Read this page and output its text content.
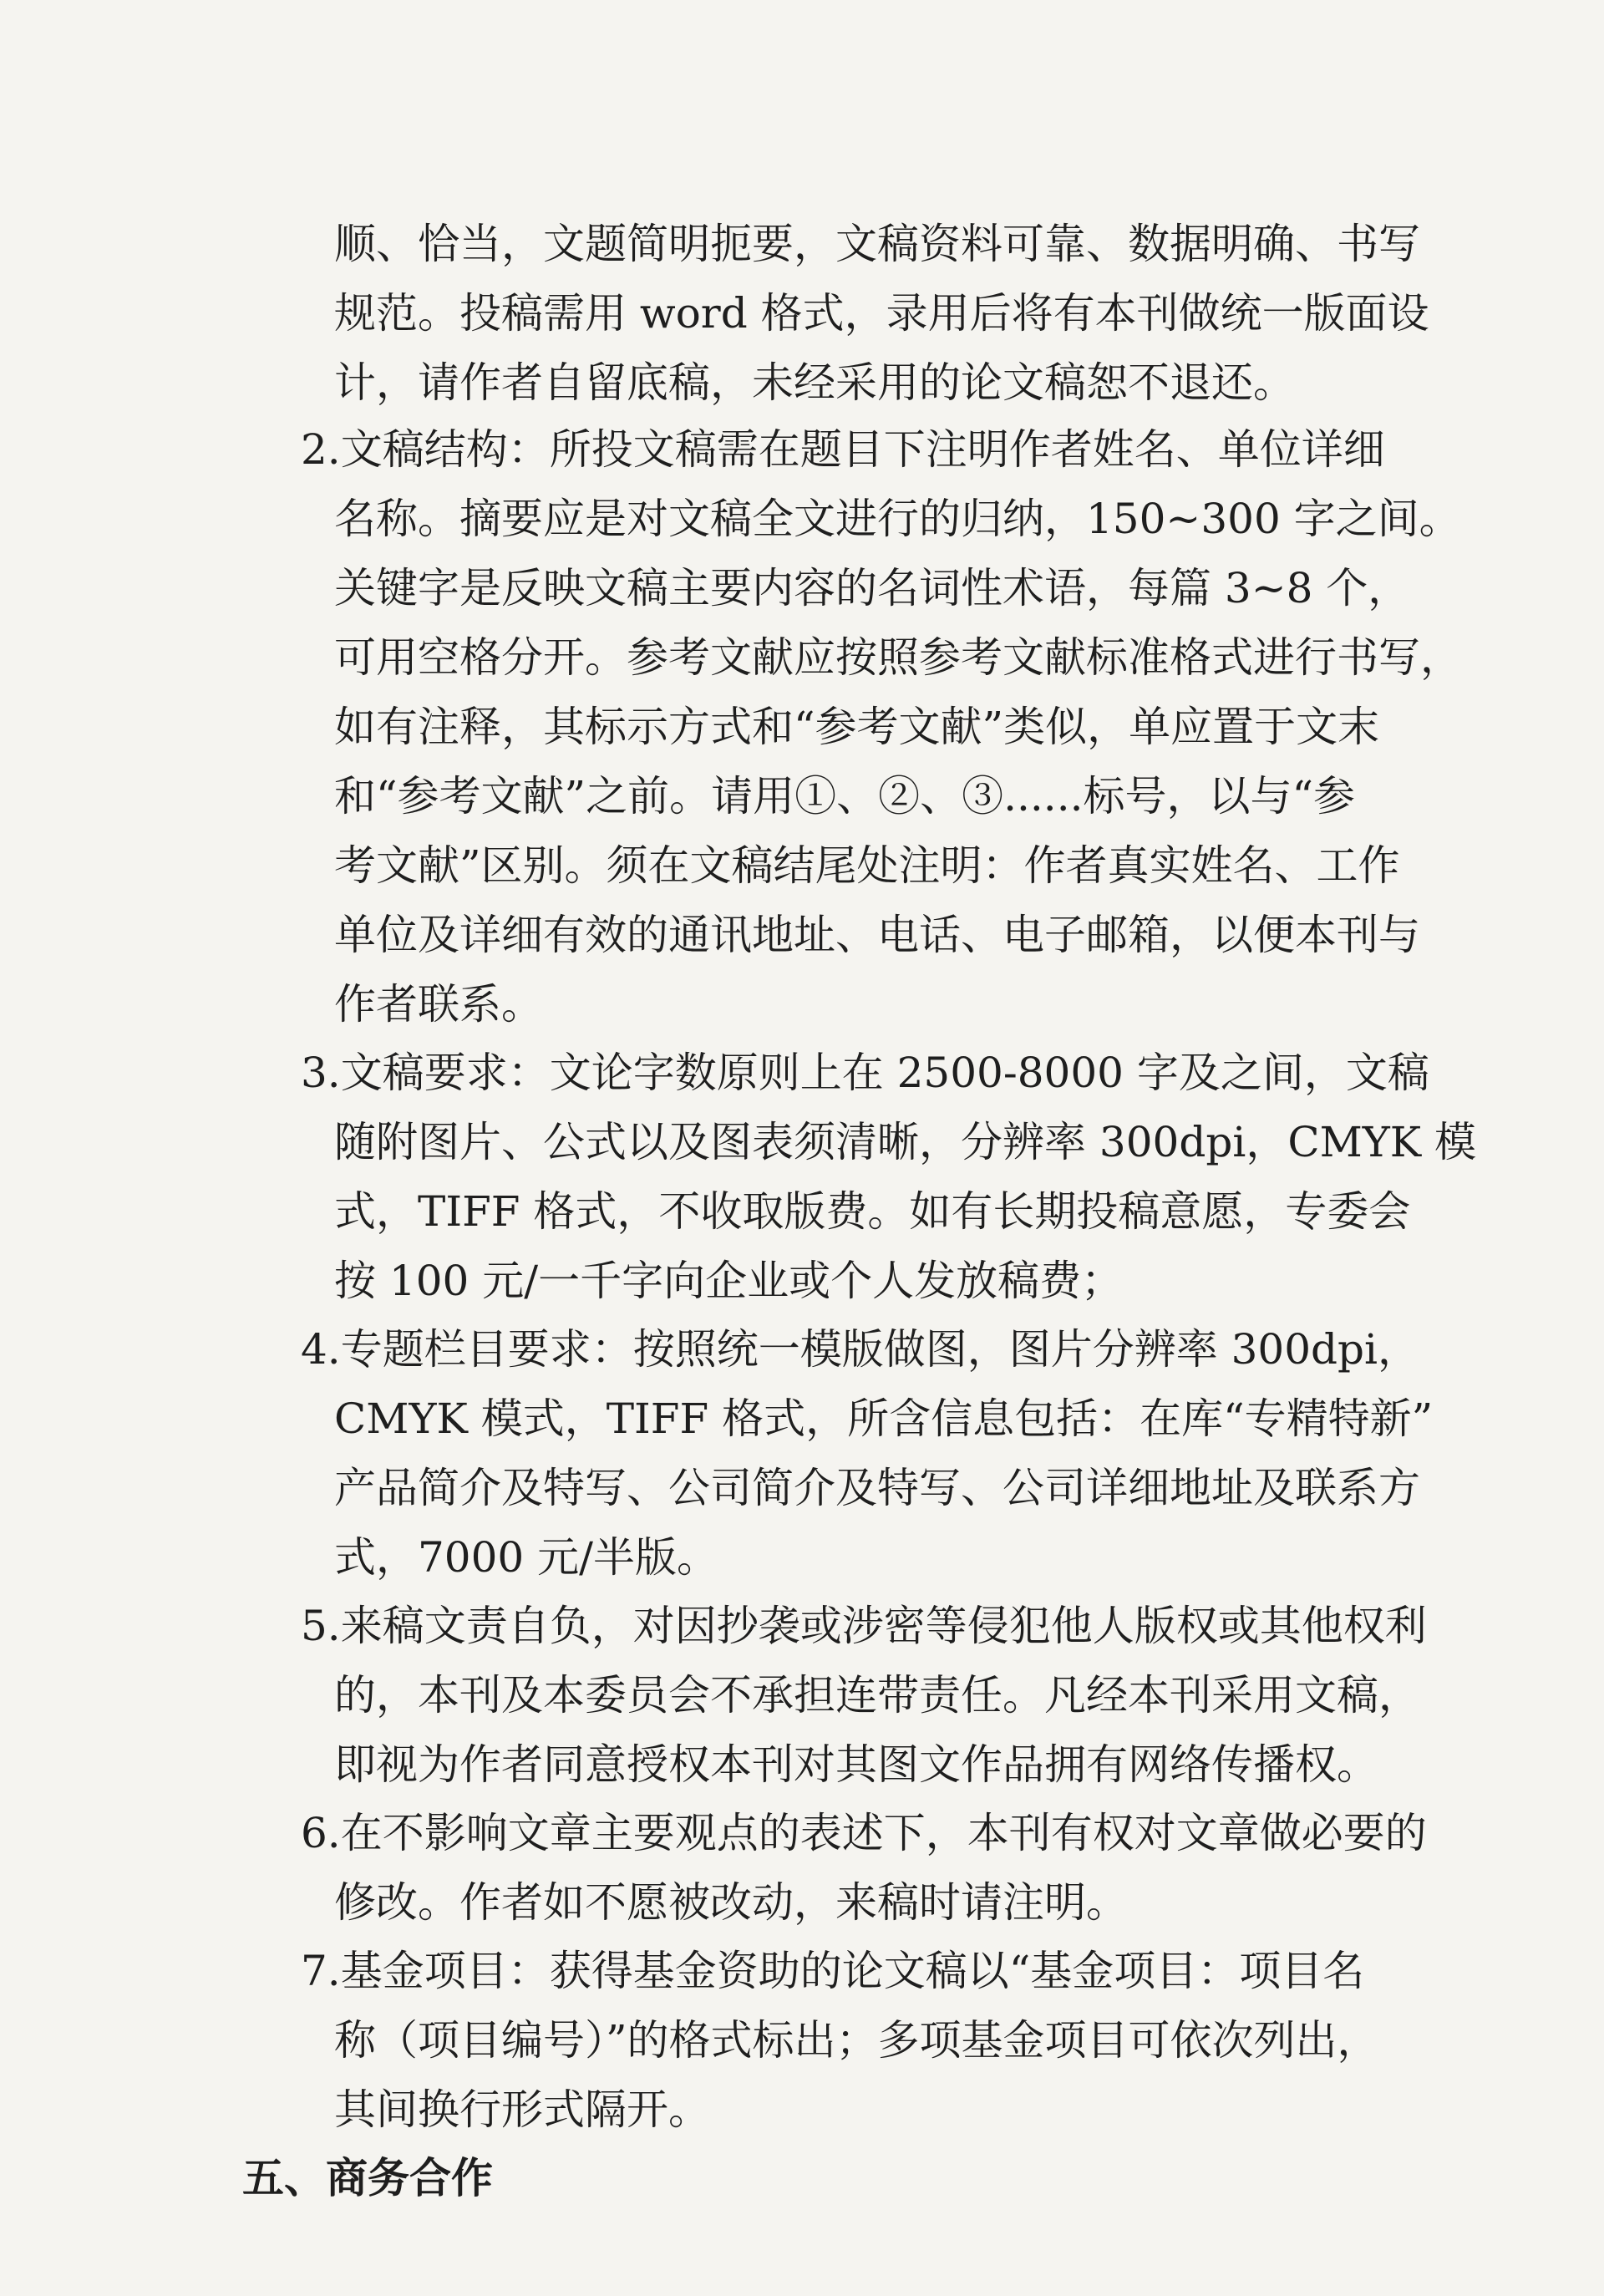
顺、恰当，文题简明扼要，文稿资料可靠、数据明确、书写

规范。投稿需用 word 格式，录用后将有本刊做统一版面设

计，请作者自留底稿，未经采用的论文稿恕不退还。

2.文稿结构：所投文稿需在题目下注明作者姓名、单位详细

名称。摘要应是对文稿全文进行的归纳，150~300 字之间。

关键字是反映文稿主要内容的名词性术语，每篇 3~8 个，

可用空格分开。参考文献应按照参考文献标准格式进行书写，

如有注释，其标示方式和“参考文献”类似，单应置于文末

和“参考文献”之前。请用①、②、③......标号，以与“参

考文献”区别。须在文稿结尾处注明：作者真实姓名、工作

单位及详细有效的通讯地址、电话、电子邮箱，以便本刊与

作者联系。

3.文稿要求：文论字数原则上在 2500-8000 字及之间，文稿

随附图片、公式以及图表须清晰，分辨率 300dpi，CMYK 模

式，TIFF 格式，不收取版费。如有长期投稿意愿，专委会

按 100 元/一千字向企业或个人发放稿费；

4.专题栏目要求：按照统一模版做图，图片分辨率 300dpi，

CMYK 模式，TIFF 格式，所含信息包括：在库“专精特新”

产品简介及特写、公司简介及特写、公司详细地址及联系方

式，7000 元/半版。

5.来稿文责自负，对因抄袭或涉密等侵犯他人版权或其他权利

的，本刊及本委员会不承担连带责任。凡经本刊采用文稿，

即视为作者同意授权本刊对其图文作品拥有网络传播权。

6.在不影响文章主要观点的表述下，本刊有权对文章做必要的

修改。作者如不愿被改动，来稿时请注明。

7.基金项目：获得基金资助的论文稿以“基金项目：项目名

称（项目编号）”的格式标出；多项基金项目可依次列出，

其间换行形式隔开。

五、商务合作
